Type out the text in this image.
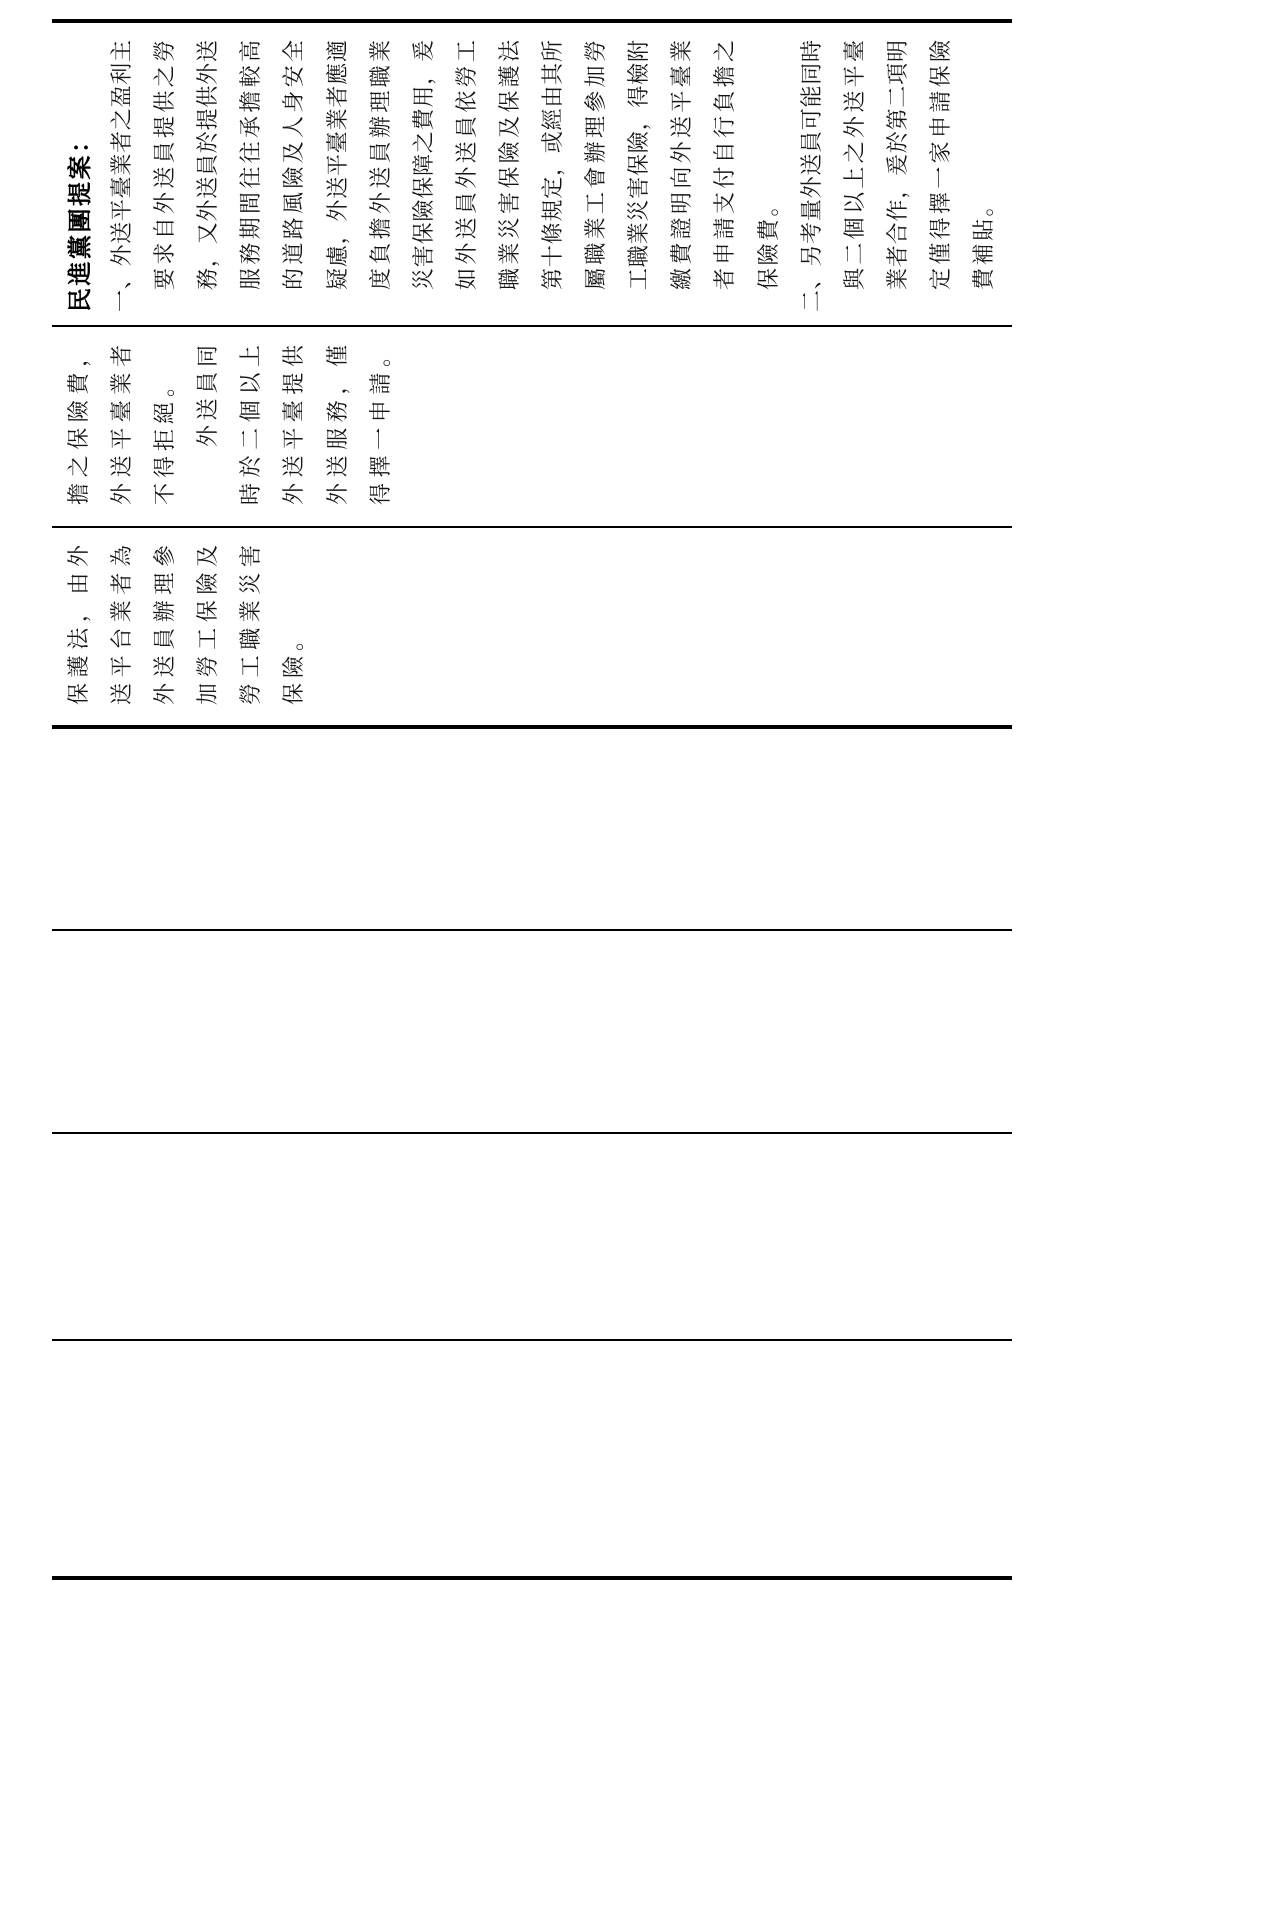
民進黨團提案： 一、外送平臺業者之盈利主 要求自外送員提供之勞 務，又外送員於提供外送 服務期間往往承擔較高 的道路風險及人身安全 疑慮，外送平臺業者應適 度負擔外送員辦理職業 災害保險保障之費用，爰 如外送員外送員依勞工 職業災害保險及保護法 第十條規定，或經由其所 屬職業工會辦理參加勞 工職業災害保險，得檢附 繳費證明向外送平臺業 者申請支付自行負擔之 保險費。 二、另考量外送員可能同時 與二個以上之外送平臺 業者合作，爰於第二項明 定僅得擇一家申請保險 費補貼。
擔之保險費， 外送平臺業者 不得拒絕。 外送員同 時於二個以上 外送平臺提供 外送服務，僅 得擇一申請。
保護法，由外 送平台業者為 外送員辦理參 加勞工保險及 勞工職業災害 保險。
